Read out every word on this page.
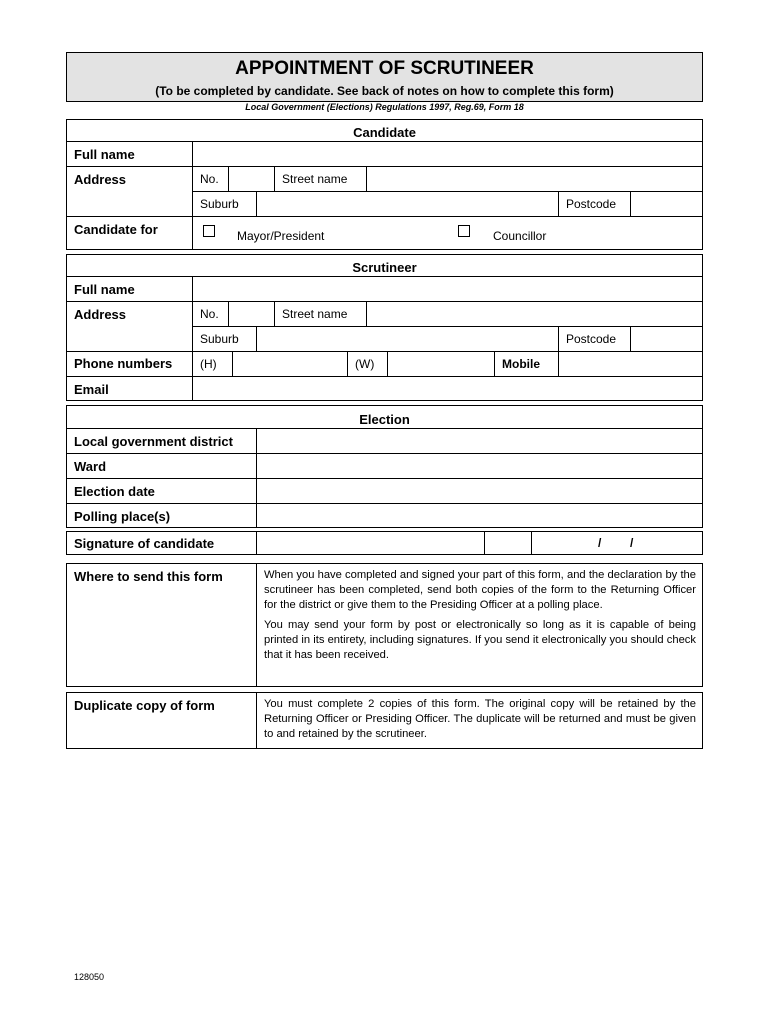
APPOINTMENT OF SCRUTINEER
(To be completed by candidate. See back of notes on how to complete this form)
Local Government (Elections) Regulations 1997, Reg.69, Form 18
Candidate
Full name
Address	No.	Street name
Suburb	Postcode
Candidate for	Mayor/President	Councillor
Scrutineer
Full name
Address	No.	Street name
Suburb	Postcode
Phone numbers (H)	(W)	Mobile
Email
Election
Local government district
Ward
Election date
Polling place(s)
Signature of candidate	/ /
Where to send this form	When you have completed and signed your part of this form, and the declaration by the scrutineer has been completed, send both copies of the form to the Returning Officer for the district or give them to the Presiding Officer at a polling place.

You may send your form by post or electronically so long as it is capable of being printed in its entirety, including signatures. If you send it electronically you should check that it has been received.

Duplicate copy of form	You must complete 2 copies of this form. The original copy will be retained by the Returning Officer or Presiding Officer. The duplicate will be returned and must be given to and retained by the scrutineer.

128050
